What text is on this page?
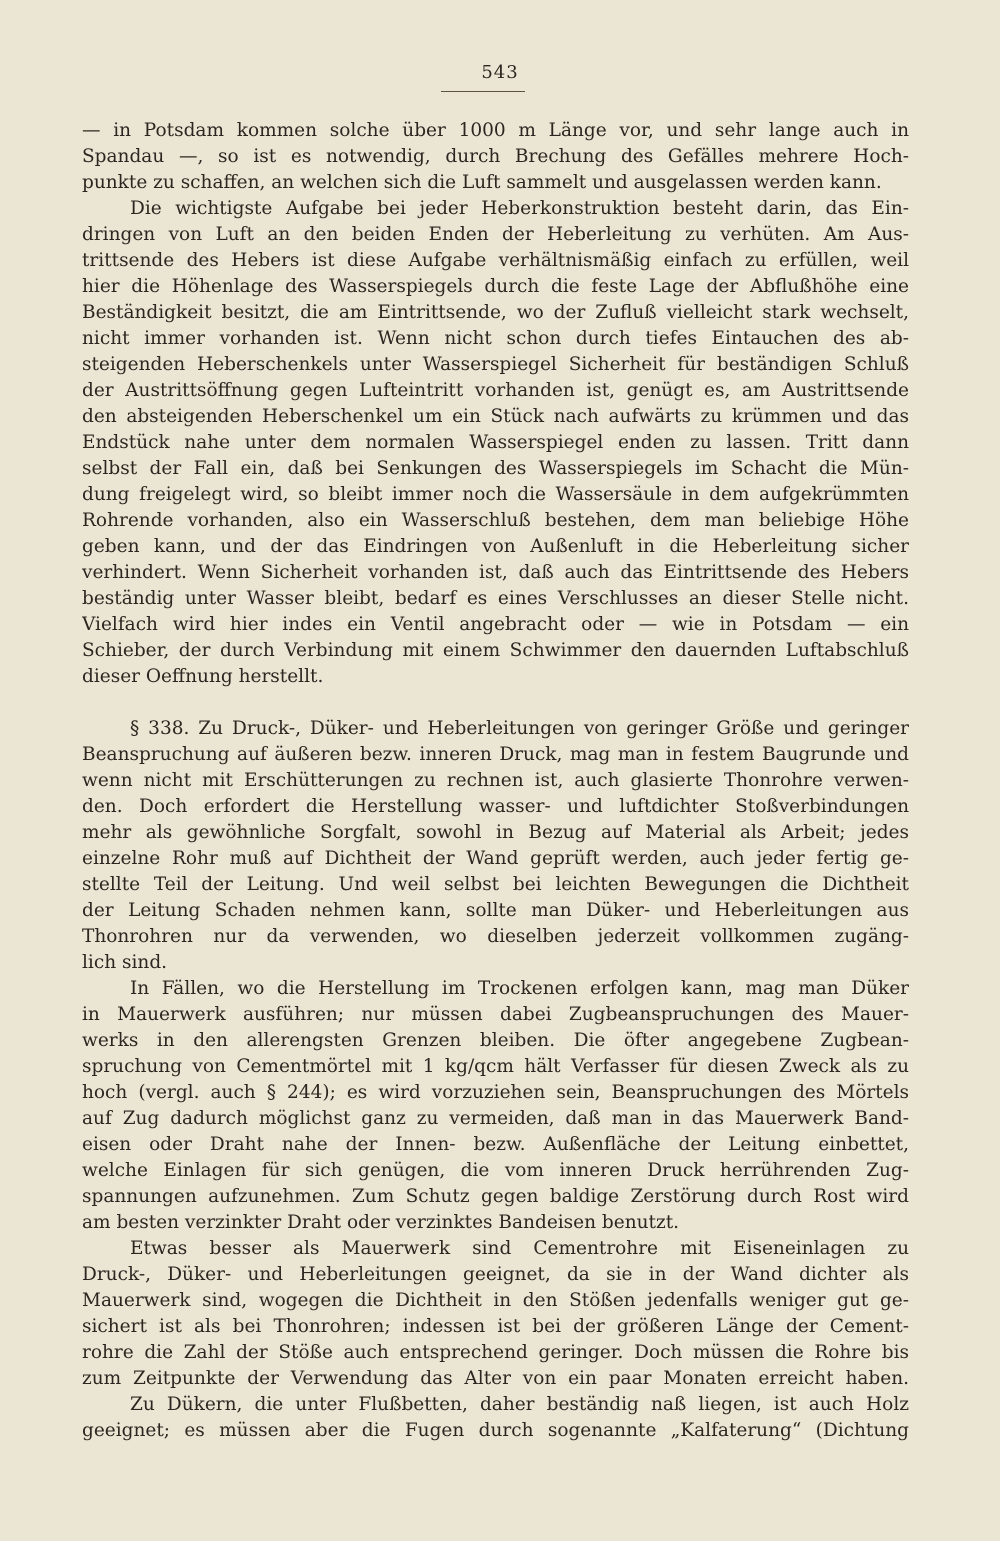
543
— in Potsdam kommen solche über 1000 m Länge vor, und sehr lange auch in
Spandau —, so ist es notwendig, durch Brechung des Gefälles mehrere Hoch-
punkte zu schaffen, an welchen sich die Luft sammelt und ausgelassen werden kann.
Die wichtigste Aufgabe bei jeder Heberkonstruktion besteht darin, das Ein-
dringen von Luft an den beiden Enden der Heberleitung zu verhüten. Am Aus-
trittsende des Hebers ist diese Aufgabe verhältnismäßig einfach zu erfüllen, weil
hier die Höhenlage des Wasserspiegels durch die feste Lage der Abflußhöhe eine
Beständigkeit besitzt, die am Eintrittsende, wo der Zufluß vielleicht stark wechselt,
nicht immer vorhanden ist. Wenn nicht schon durch tiefes Eintauchen des ab-
steigenden Heberschenkels unter Wasserspiegel Sicherheit für beständigen Schluß
der Austrittsöffnung gegen Lufteintritt vorhanden ist, genügt es, am Austrittsende
den absteigenden Heberschenkel um ein Stück nach aufwärts zu krümmen und das
Endstück nahe unter dem normalen Wasserspiegel enden zu lassen. Tritt dann
selbst der Fall ein, daß bei Senkungen des Wasserspiegels im Schacht die Mün-
dung freigelegt wird, so bleibt immer noch die Wassersäule in dem aufgekrümmten
Rohrende vorhanden, also ein Wasserschluß bestehen, dem man beliebige Höhe
geben kann, und der das Eindringen von Außenluft in die Heberleitung sicher
verhindert. Wenn Sicherheit vorhanden ist, daß auch das Eintrittsende des Hebers
beständig unter Wasser bleibt, bedarf es eines Verschlusses an dieser Stelle nicht.
Vielfach wird hier indes ein Ventil angebracht oder — wie in Potsdam — ein
Schieber, der durch Verbindung mit einem Schwimmer den dauernden Luftabschluß
dieser Oeffnung herstellt.
§ 338. Zu Druck-, Düker- und Heberleitungen von geringer Größe und geringer
Beanspruchung auf äußeren bezw. inneren Druck, mag man in festem Baugrunde und
wenn nicht mit Erschütterungen zu rechnen ist, auch glasierte Thonrohre verwen-
den. Doch erfordert die Herstellung wasser- und luftdichter Stoßverbindungen
mehr als gewöhnliche Sorgfalt, sowohl in Bezug auf Material als Arbeit; jedes
einzelne Rohr muß auf Dichtheit der Wand geprüft werden, auch jeder fertig ge-
stellte Teil der Leitung. Und weil selbst bei leichten Bewegungen die Dichtheit
der Leitung Schaden nehmen kann, sollte man Düker- und Heberleitungen aus
Thonrohren nur da verwenden, wo dieselben jederzeit vollkommen zugäng-
lich sind.
In Fällen, wo die Herstellung im Trockenen erfolgen kann, mag man Düker
in Mauerwerk ausführen; nur müssen dabei Zugbeanspruchungen des Mauer-
werks in den allerengsten Grenzen bleiben. Die öfter angegebene Zugbean-
spruchung von Cementmörtel mit 1 kg/qcm hält Verfasser für diesen Zweck als zu
hoch (vergl. auch § 244); es wird vorzuziehen sein, Beanspruchungen des Mörtels
auf Zug dadurch möglichst ganz zu vermeiden, daß man in das Mauerwerk Band-
eisen oder Draht nahe der Innen- bezw. Außenfläche der Leitung einbettet,
welche Einlagen für sich genügen, die vom inneren Druck herrührenden Zug-
spannungen aufzunehmen. Zum Schutz gegen baldige Zerstörung durch Rost wird
am besten verzinkter Draht oder verzinktes Bandeisen benutzt.
Etwas besser als Mauerwerk sind Cementrohre mit Eiseneinlagen zu
Druck-, Düker- und Heberleitungen geeignet, da sie in der Wand dichter als
Mauerwerk sind, wogegen die Dichtheit in den Stößen jedenfalls weniger gut ge-
sichert ist als bei Thonrohren; indessen ist bei der größeren Länge der Cement-
rohre die Zahl der Stöße auch entsprechend geringer. Doch müssen die Rohre bis
zum Zeitpunkte der Verwendung das Alter von ein paar Monaten erreicht haben.
Zu Dükern, die unter Flußbetten, daher beständig naß liegen, ist auch Holz
geeignet; es müssen aber die Fugen durch sogenannte „Kalfaterung“ (Dichtung
